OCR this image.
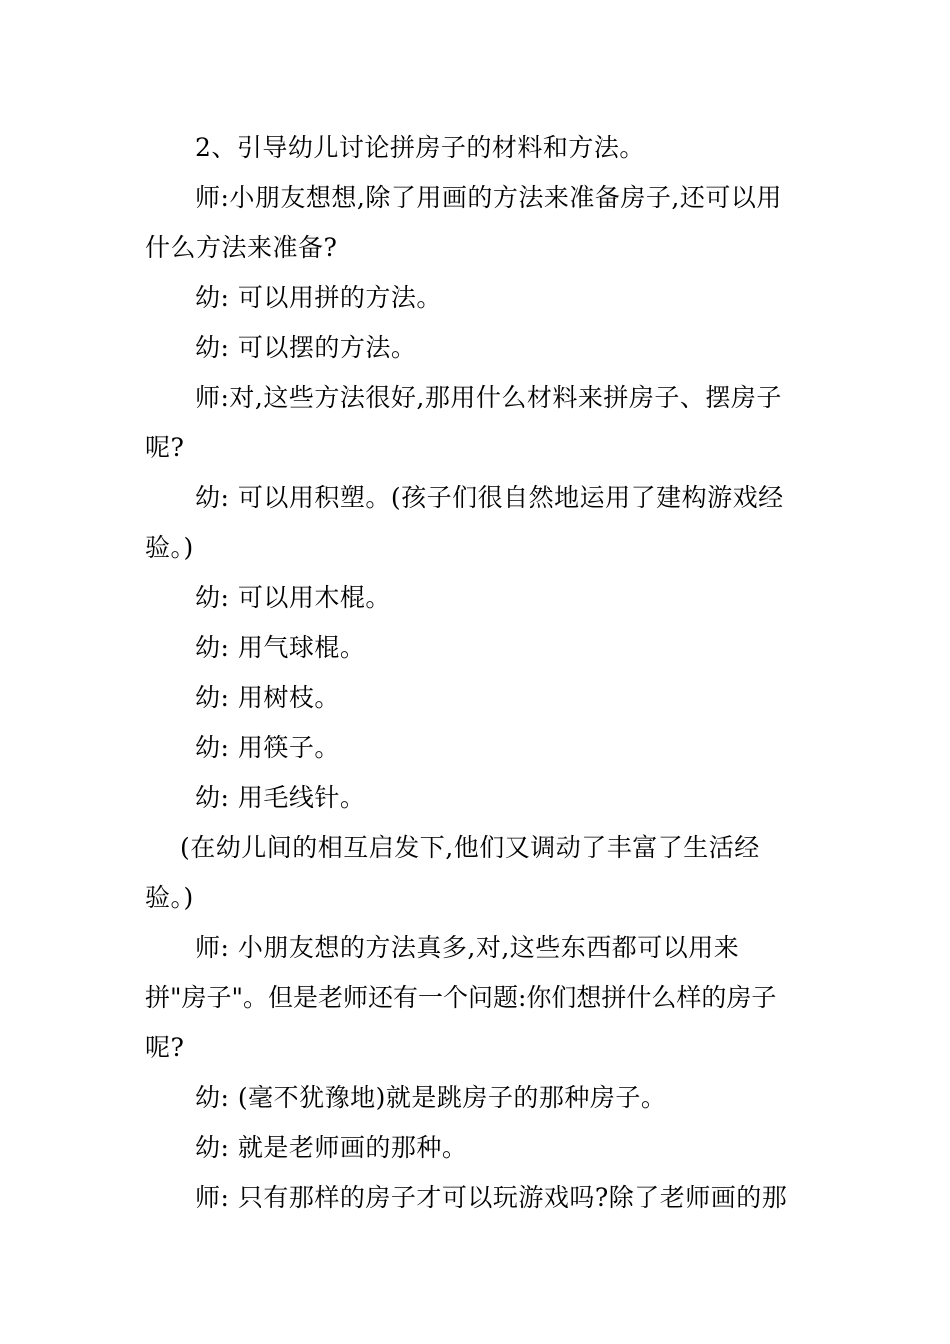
2、引导幼儿讨论拼房子的材料和方法。
师:小朋友想想,除了用画的方法来准备房子,还可以用
什么方法来准备?
幼: 可以用拼的方法。
幼: 可以摆的方法。
师:对,这些方法很好,那用什么材料来拼房子、摆房子
呢?
幼: 可以用积塑。(孩子们很自然地运用了建构游戏经
验。)
幼: 可以用木棍。
幼: 用气球棍。
幼: 用树枝。
幼: 用筷子。
幼: 用毛线针。
(在幼儿间的相互启发下,他们又调动了丰富了生活经
验。)
师: 小朋友想的方法真多,对,这些东西都可以用来
拼"房子"。但是老师还有一个问题:你们想拼什么样的房子
呢?
幼: (毫不犹豫地)就是跳房子的那种房子。
幼: 就是老师画的那种。
师: 只有那样的房子才可以玩游戏吗?除了老师画的那
